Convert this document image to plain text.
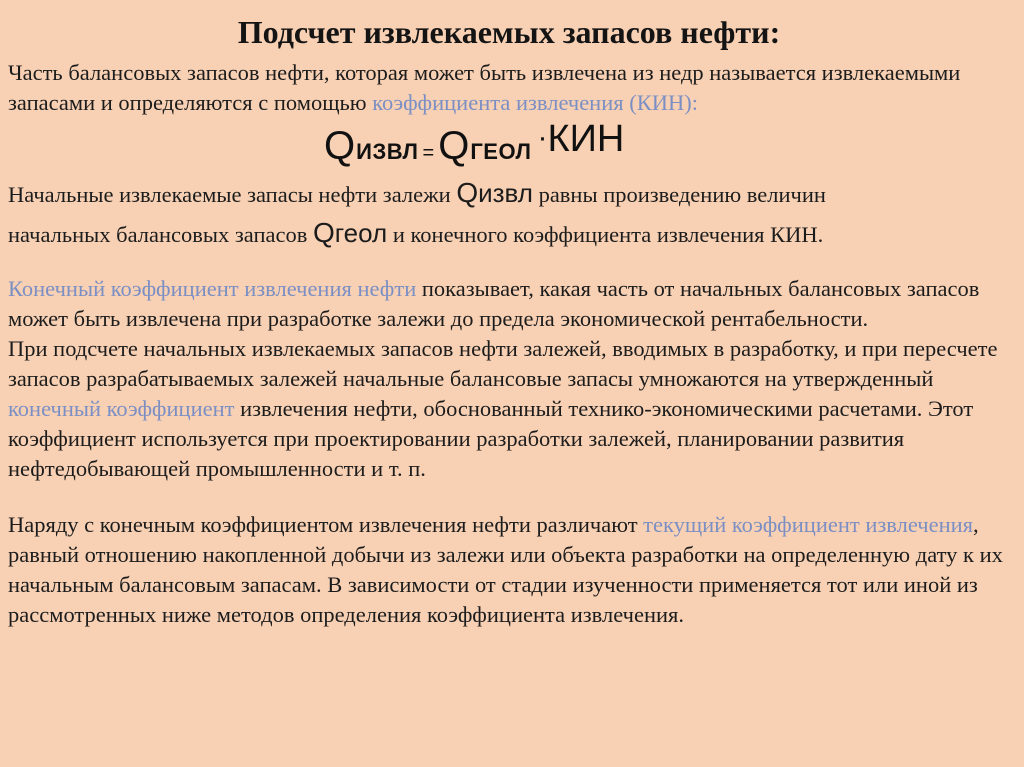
Подсчет извлекаемых запасов нефти:

Часть балансовых запасов нефти, которая может быть извлечена из недр называется извлекаемыми запасами и определяются с помощью коэффициента извлечения (КИН):

QИЗВЛ = QГЕОЛ ·КИН

Начальные извлекаемые запасы нефти залежи Qизвл равны произведению величин

начальных балансовых запасов Qгеол и конечного коэффициента извлечения КИН.

Конечный коэффициент извлечения нефти показывает, какая часть от начальных балансовых запасов может быть извлечена при разработке залежи до предела экономической рентабельности.

При подсчете начальных извлекаемых запасов нефти залежей, вводимых в разработку, и при пересчете запасов разрабатываемых залежей начальные балансовые запасы умножаются на утвержденный конечный коэффициент извлечения нефти, обоснованный технико-экономическими расчетами. Этот коэффициент используется при проектировании разработки залежей, планировании развития нефтедобывающей промышленности и т. п.

Наряду с конечным коэффициентом извлечения нефти различают текущий коэффициент извлечения, равный отношению накопленной добычи из залежи или объекта разработки на определенную дату к их начальным балансовым запасам. В зависимости от стадии изученности применяется тот или иной из рассмотренных ниже методов определения коэффициента извлечения.
